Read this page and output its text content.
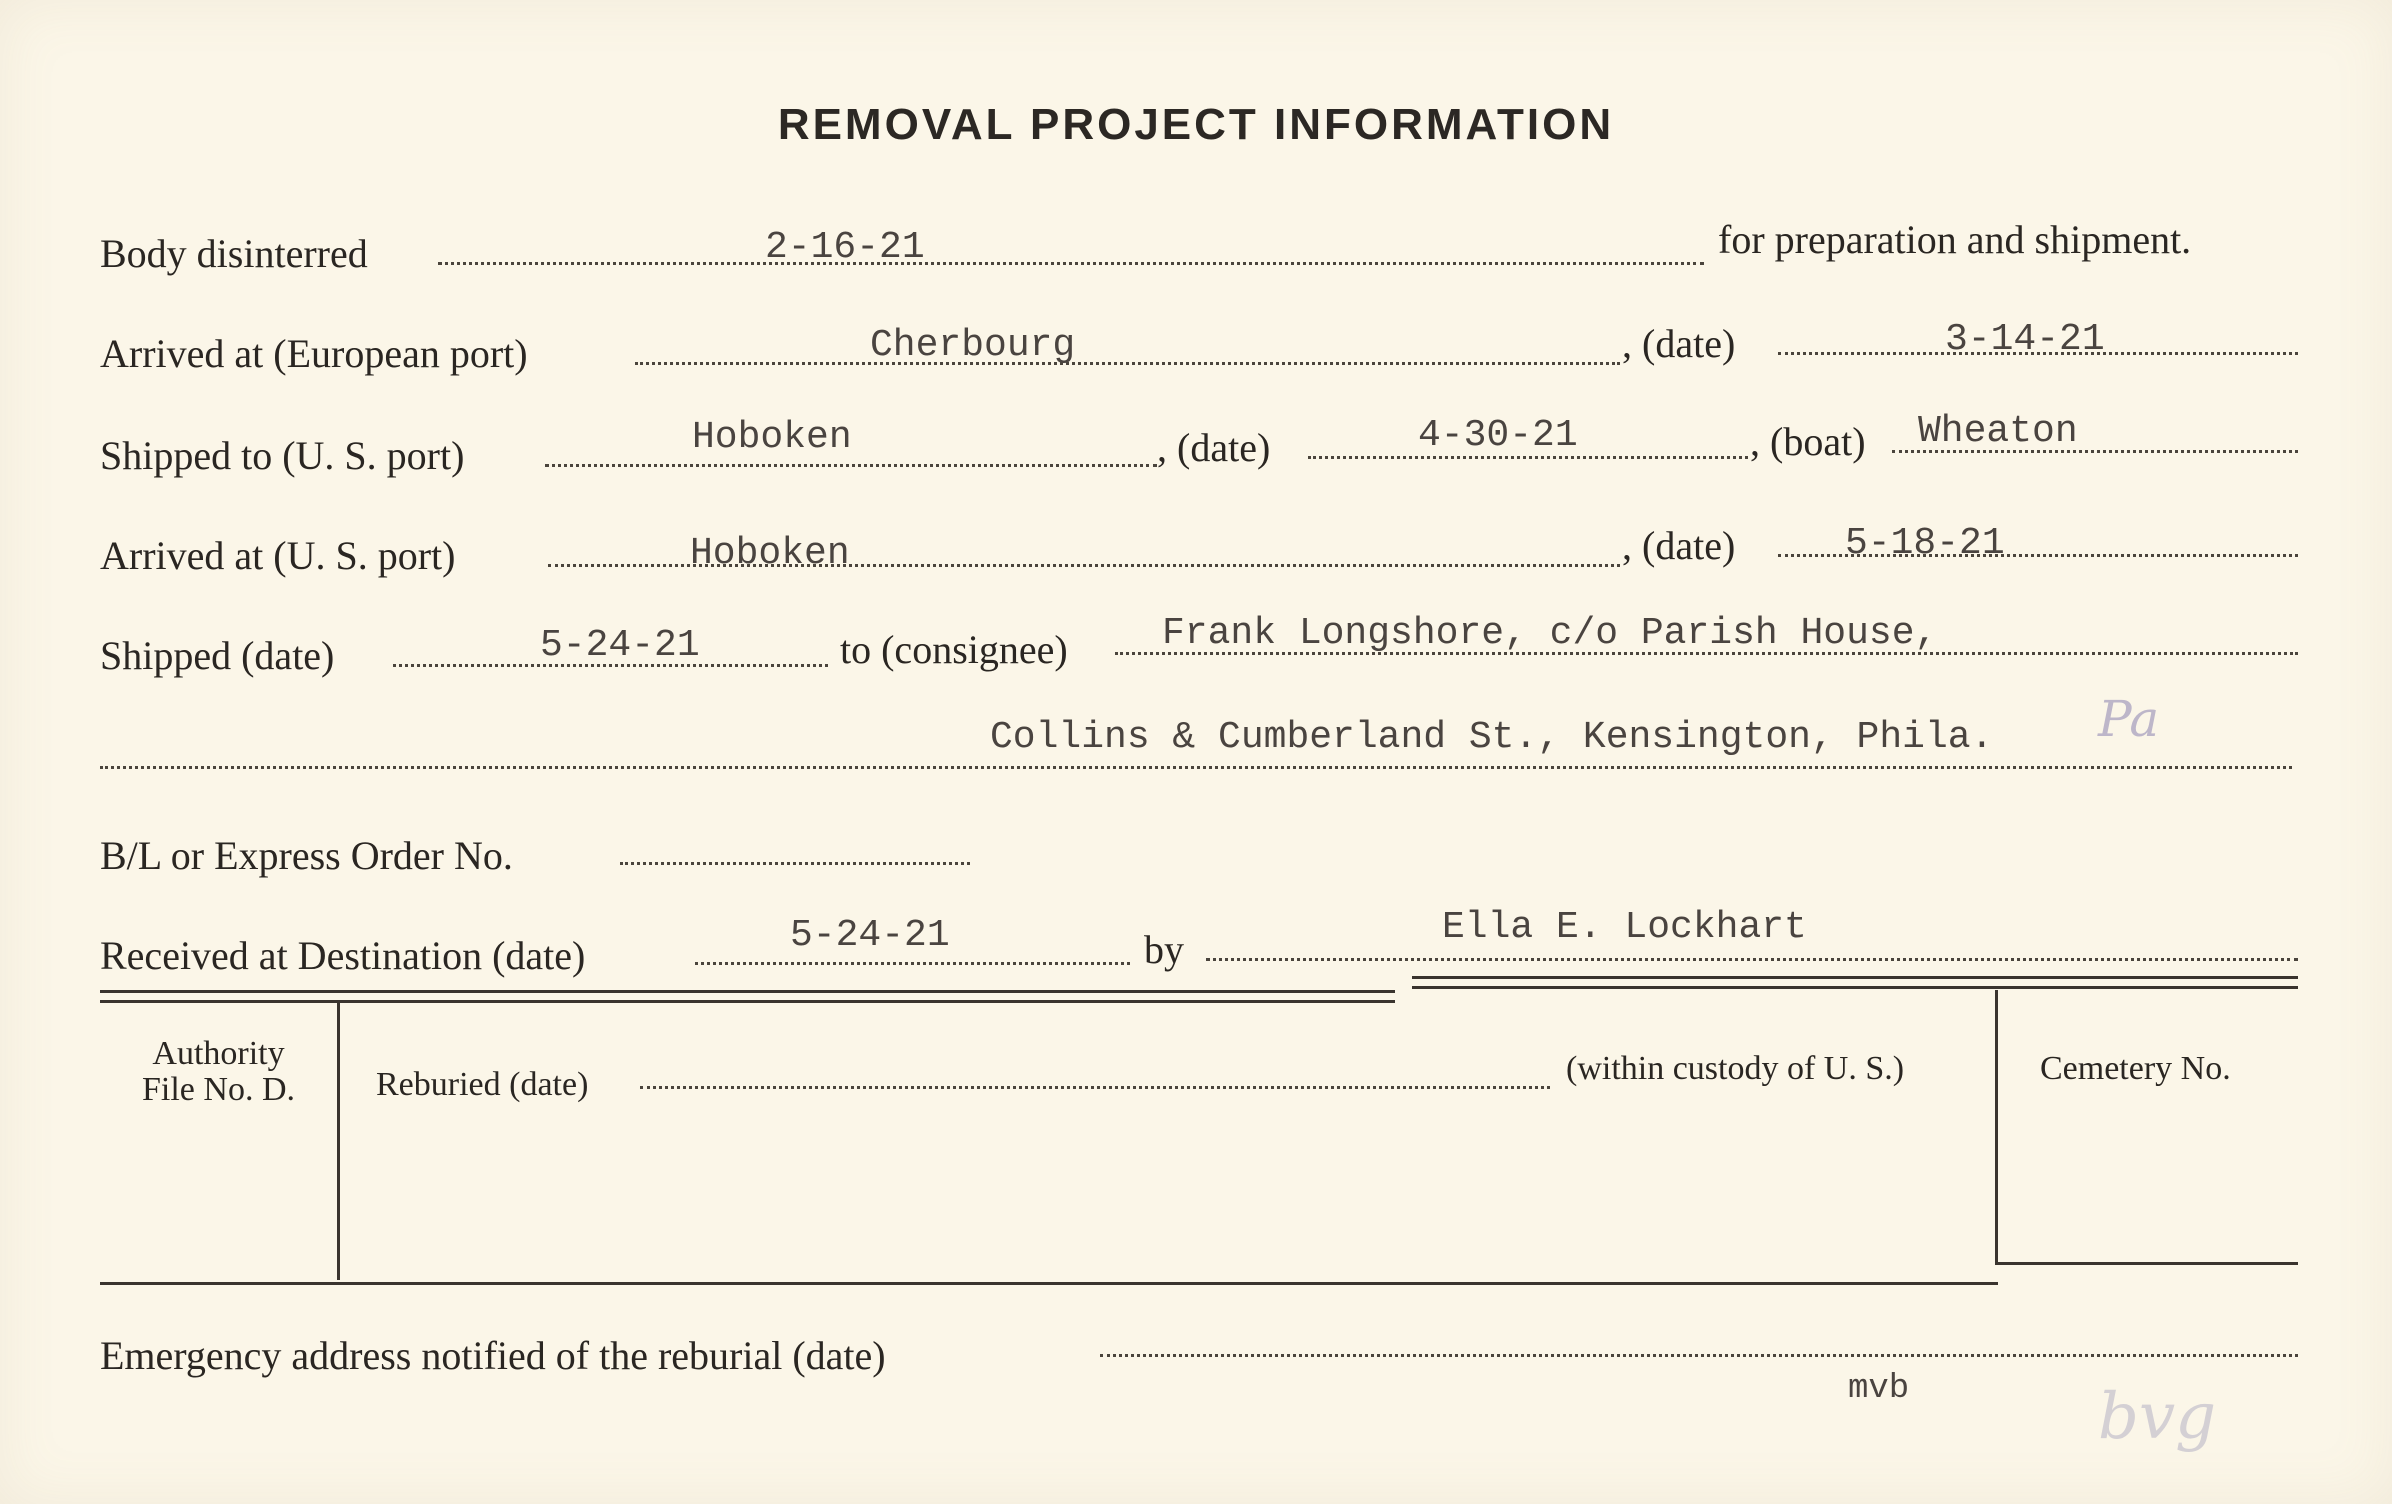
REMOVAL PROJECT INFORMATION
Body disinterred	2-16-21	for preparation and shipment.
Arrived at (European port)	Cherbourg	, (date)	3-14-21
Shipped to (U. S. port)	Hoboken	, (date)	4-30-21	, (boat) Wheaton
Arrived at (U. S. port)	Hoboken	, (date)	5-18-21
Shipped (date)	5-24-21	to (consignee) Frank Longshore, c/o Parish House,
Collins & Cumberland St., Kensington, Phila. Pa
B/L or Express Order No.
Received at Destination (date)	5-24-21	by	Ella E. Lockhart
Authority
File No. D.	Reburied (date)	(within custody of U. S.)	Cemetery No.
Emergency address notified of the reburial (date)
mvb	bvg
